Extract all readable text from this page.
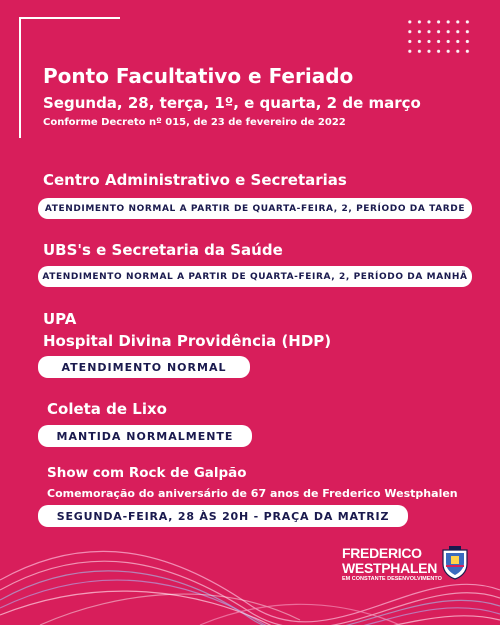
Ponto Facultativo e Feriado
Segunda, 28, terça, 1º, e quarta, 2 de março
Conforme Decreto nº 015, de 23 de fevereiro de 2022
Centro Administrativo e Secretarias
ATENDIMENTO NORMAL A PARTIR DE QUARTA-FEIRA, 2, PERÍODO DA TARDE
UBS's e Secretaria da Saúde
ATENDIMENTO NORMAL A PARTIR DE QUARTA-FEIRA, 2, PERÍODO DA MANHÃ
UPA
Hospital Divina Providência (HDP)
ATENDIMENTO NORMAL
Coleta de Lixo
MANTIDA NORMALMENTE
Show com Rock de Galpão
Comemoração do aniversário de 67 anos de Frederico Westphalen
SEGUNDA-FEIRA, 28 ÀS 20H - PRAÇA DA MATRIZ
FREDERICO
WESTPHALEN
EM CONSTANTE DESENVOLVIMENTO
